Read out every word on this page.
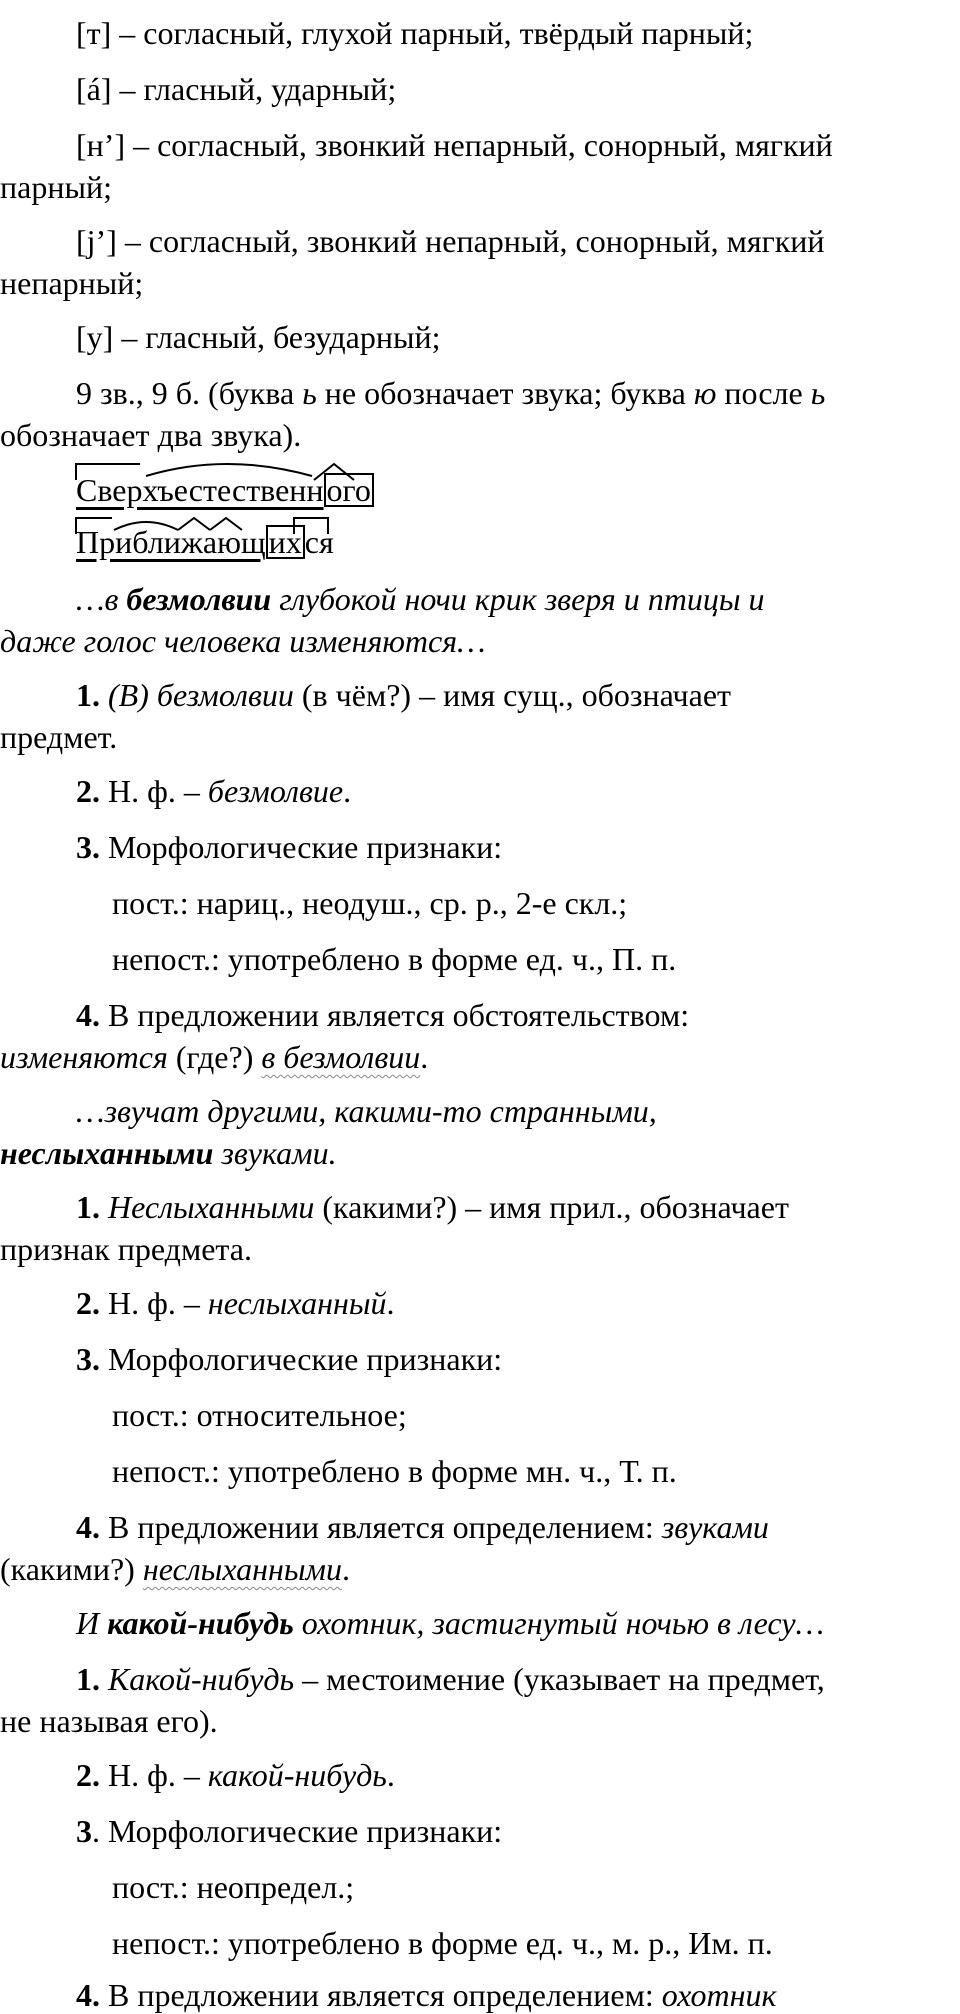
[т] – согласный, глухой парный, твёрдый парный;
[á] – гласный, ударный;
[н’] – согласный, звонкий непарный, сонорный, мягкий
парный;
[j’] – согласный, звонкий непарный, сонорный, мягкий
непарный;
[у] – гласный, безударный;
9 зв., 9 б. (буква ь не обозначает звука; буква ю после ь
обозначает два звука).
Сверхъестественного
Приближающихся
…в безмолвии глубокой ночи крик зверя и птицы и
даже голос человека изменяются…
1. (В) безмолвии (в чём?) – имя сущ., обозначает
предмет.
2. Н. ф. – безмолвие.
3. Морфологические признаки:
пост.: нариц., неодуш., ср. р., 2-е скл.;
непост.: употреблено в форме ед. ч., П. п.
4. В предложении является обстоятельством:
изменяются (где?) в безмолвии.
…звучат другими, какими-то странными,
неслыханными звуками.
1. Неслыханными (какими?) – имя прил., обозначает
признак предмета.
2. Н. ф. – неслыханный.
3. Морфологические признаки:
пост.: относительное;
непост.: употреблено в форме мн. ч., Т. п.
4. В предложении является определением: звуками
(какими?) неслыханными.
И какой-нибудь охотник, застигнутый ночью в лесу…
1. Какой-нибудь – местоимение (указывает на предмет,
не называя его).
2. Н. ф. – какой-нибудь.
3. Морфологические признаки:
пост.: неопредел.;
непост.: употреблено в форме ед. ч., м. р., Им. п.
4. В предложении является определением: охотник
